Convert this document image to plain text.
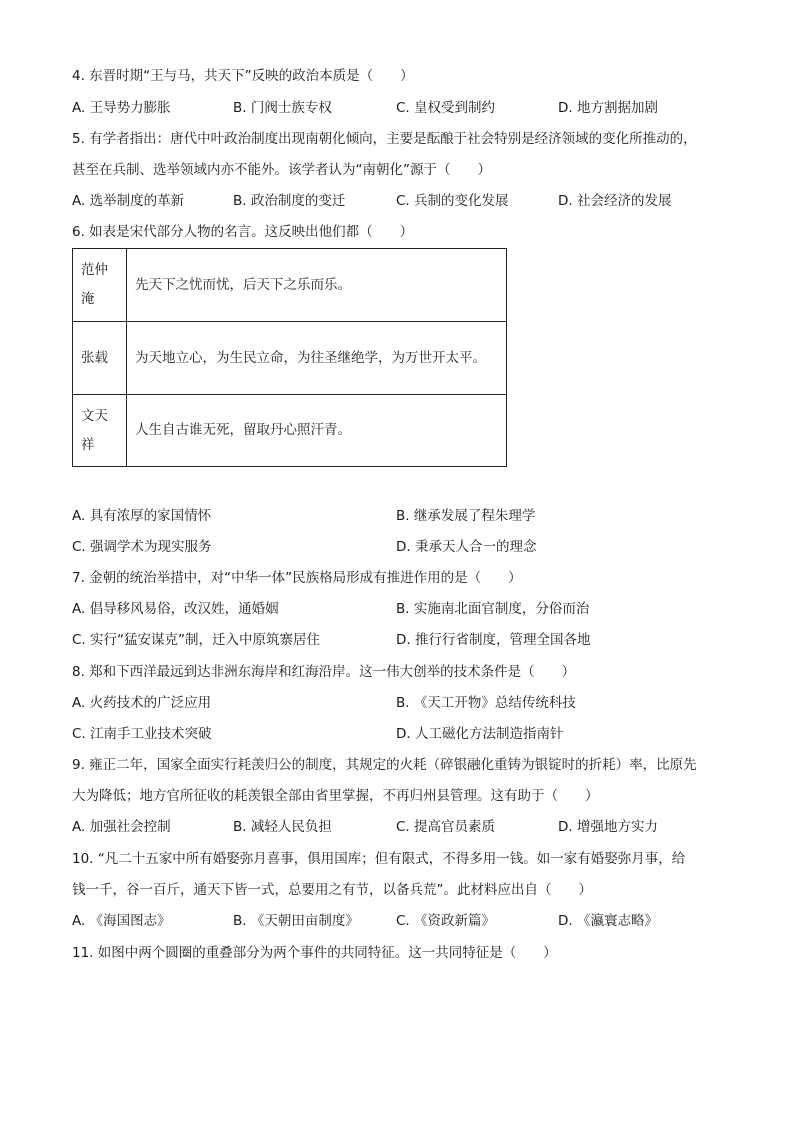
4. 东晋时期“王与马，共天下”反映的政治本质是（　　）
A. 王导势力膨胀	B. 门阀士族专权	C. 皇权受到制约	D. 地方割据加剧
5. 有学者指出：唐代中叶政治制度出现南朝化倾向，主要是酝酿于社会特别是经济领域的变化所推动的，
甚至在兵制、选举领域内亦不能外。该学者认为“南朝化”源于（　　）
A. 选举制度的革新	B. 政治制度的变迁	C. 兵制的变化发展	D. 社会经济的发展
6. 如表是宋代部分人物的名言。这反映出他们都（　　）
范仲淹	先天下之忧而忧，后天下之乐而乐。
张载	为天地立心，为生民立命，为往圣继绝学，为万世开太平。
文天祥	人生自古谁无死，留取丹心照汗青。
A. 具有浓厚的家国情怀	B. 继承发展了程朱理学
C. 强调学术为现实服务	D. 秉承天人合一的理念
7. 金朝的统治举措中，对“中华一体”民族格局形成有推进作用的是（　　）
A. 倡导移风易俗，改汉姓，通婚姻	B. 实施南北面官制度，分俗而治
C. 实行“猛安谋克”制，迁入中原筑寨居住	D. 推行行省制度，管理全国各地
8. 郑和下西洋最远到达非洲东海岸和红海沿岸。这一伟大创举的技术条件是（　　）
A. 火药技术的广泛应用	B. 《天工开物》总结传统科技
C. 江南手工业技术突破	D. 人工磁化方法制造指南针
9. 雍正二年，国家全面实行耗羡归公的制度，其规定的火耗（碎银融化重铸为银锭时的折耗）率，比原先
大为降低；地方官所征收的耗羡银全部由省里掌握，不再归州县管理。这有助于（　　）
A. 加强社会控制	B. 减轻人民负担	C. 提高官员素质	D. 增强地方实力
10. “凡二十五家中所有婚娶弥月喜事，俱用国库；但有限式，不得多用一钱。如一家有婚娶弥月事，给
钱一千，谷一百斤，通天下皆一式，总要用之有节，以备兵荒”。此材料应出自（　　）
A. 《海国图志》	B. 《天朝田亩制度》	C. 《资政新篇》	D. 《瀛寰志略》
11. 如图中两个圆圈的重叠部分为两个事件的共同特征。这一共同特征是（　　）
